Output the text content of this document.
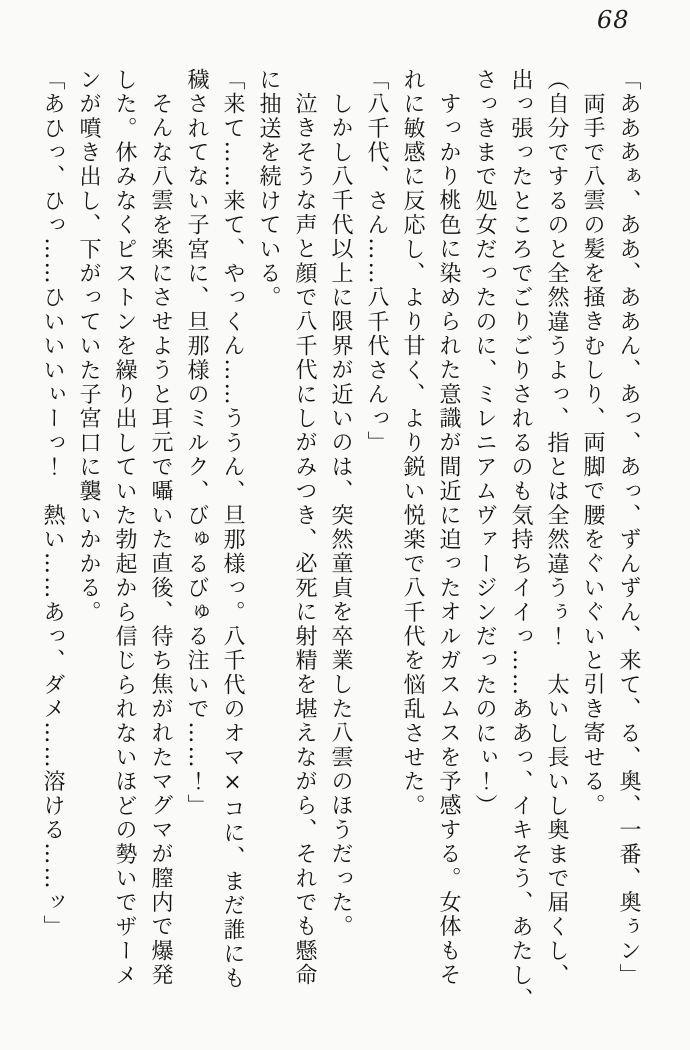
68

「あああぁ、ああ、ああん、あっ、あっ、ずんずん、来て、る、奥、一番、奥ぅン」

両手で八雲の髪を掻きむしり、両脚で腰をぐいぐいと引き寄せる。

（自分でするのと全然違うよっ、指とは全然違うぅ！　太いし長いし奥まで届くし、

出っ張ったところでごりごりされるのも気持ちイイっ……ああっ、イキそう、あたし、

さっきまで処女だったのに、ミレニアムヴァージンだったのにぃ！）

すっかり桃色に染められた意識が間近に迫ったオルガスムスを予感する。女体もそ

れに敏感に反応し、より甘く、より鋭い悦楽で八千代を悩乱させた。

「八千代、さん……八千代さんっ」

しかし八千代以上に限界が近いのは、突然童貞を卒業した八雲のほうだった。

泣きそうな声と顔で八千代にしがみつき、必死に射精を堪えながら、それでも懸命

に抽送を続けている。

「来て……来て、やっくん……ううん、旦那様っ。八千代のオマ×コに、まだ誰にも

穢されてない子宮に、旦那様のミルク、びゅるびゅる注いで……！」

そんな八雲を楽にさせようと耳元で囁いた直後、待ち焦がれたマグマが膣内で爆発

した。休みなくピストンを繰り出していた勃起から信じられないほどの勢いでザーメ

ンが噴き出し、下がっていた子宮口に襲いかかる。

「あひっ、ひっ……ひいいいぃーっ！　熱い……あっ、ダメ……溶ける……ッ」
